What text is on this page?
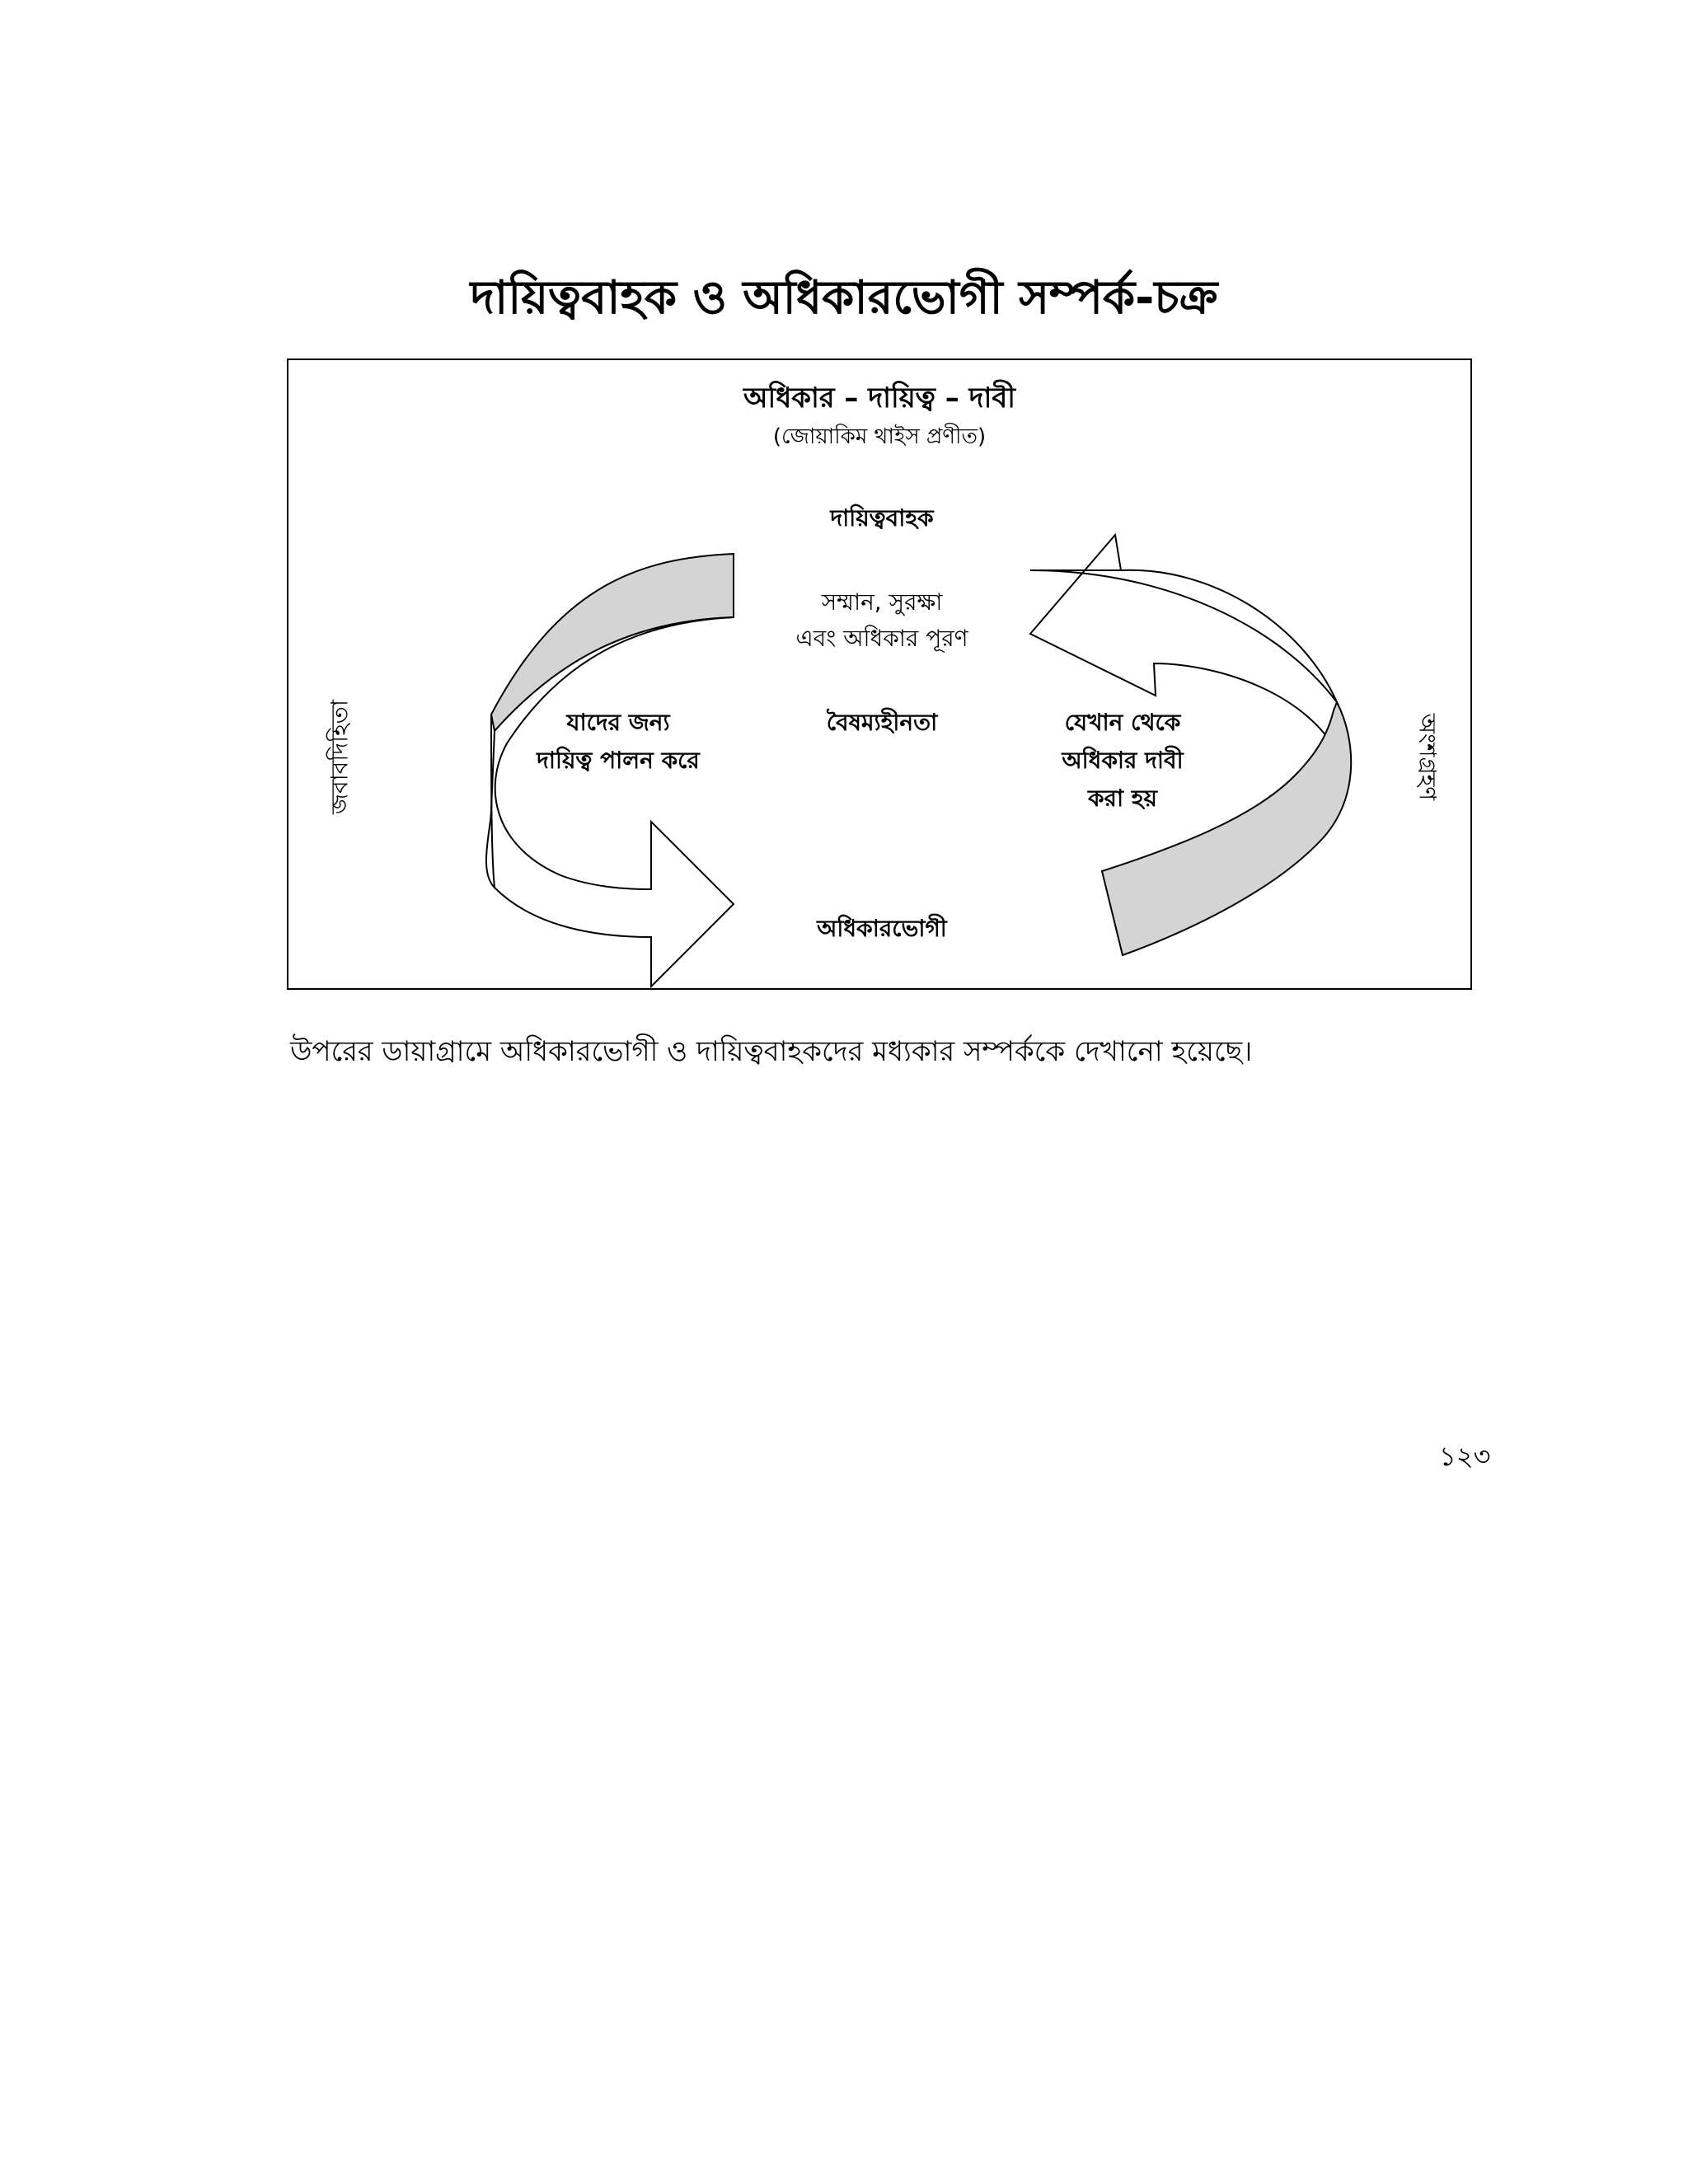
দায়িত্ববাহক ও অধিকারভোগী সম্পর্ক-চক্র
অধিকার – দায়িত্ব – দাবী
(জোয়াকিম থাইস প্রণীত)
দায়িত্ববাহক
সম্মান, সুরক্ষা
এবং অধিকার পূরণ
বৈষম্যহীনতা
যাদের জন্য
দায়িত্ব পালন করে
যেখান থেকে
অধিকার দাবী
করা হয়
অধিকারভোগী
জবাবদিহিতা	অংশগ্রহণ
উপরের ডায়াগ্রামে অধিকারভোগী ও দায়িত্ববাহকদের মধ্যকার সম্পর্ককে দেখানো হয়েছে।
১২৩
